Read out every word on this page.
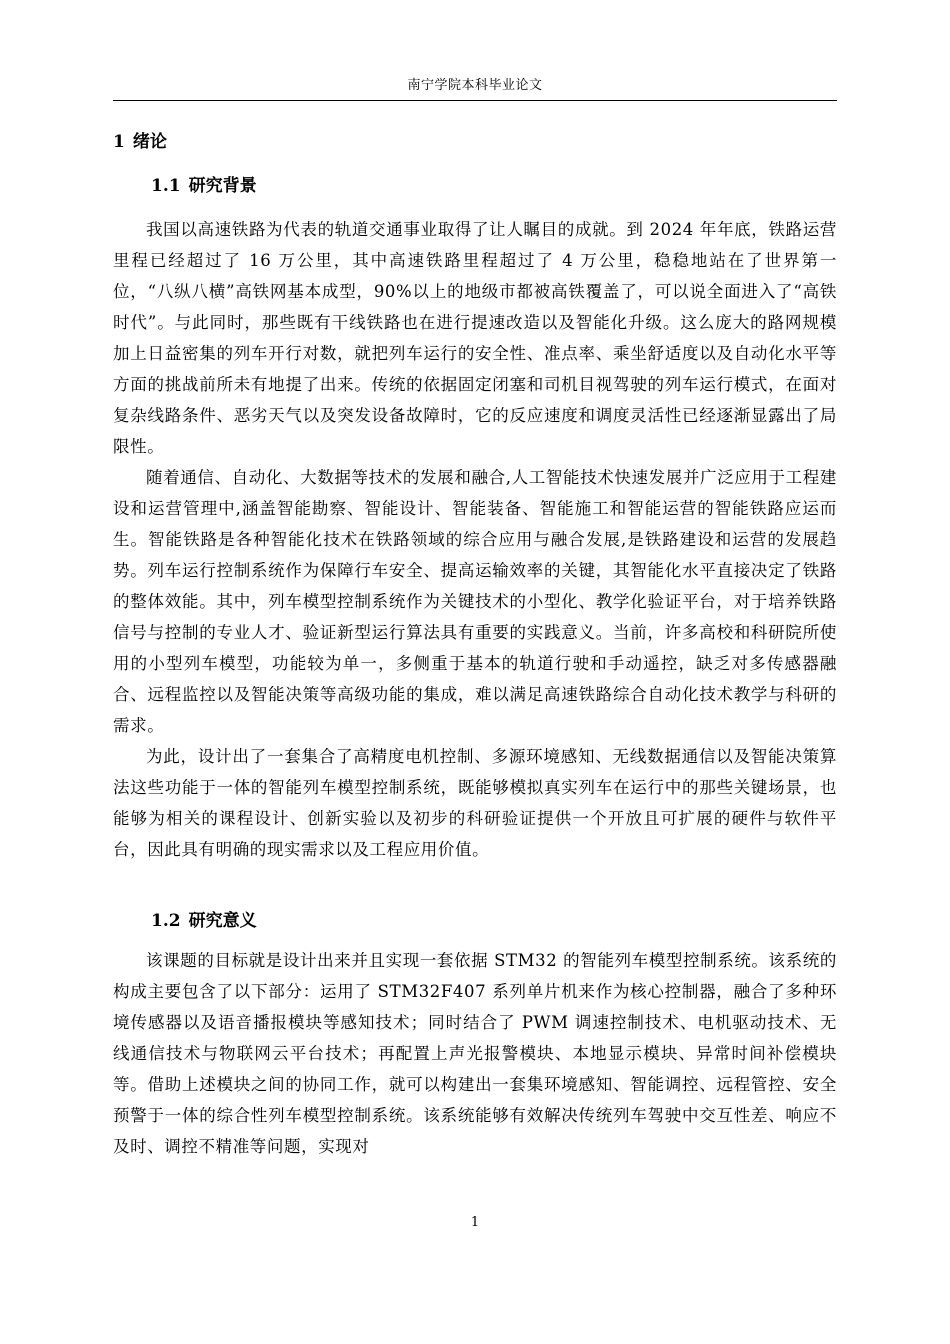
南宁学院本科毕业论文
1 绪论
1.1 研究背景

我国以高速铁路为代表的轨道交通事业取得了让人瞩目的成就。到 2024 年年底，铁路运营里程已经超过了 16 万公里，其中高速铁路里程超过了 4 万公里，稳稳地站在了世界第一位，“八纵八横”高铁网基本成型，90%以上的地级市都被高铁覆盖了，可以说全面进入了“高铁时代”。与此同时，那些既有干线铁路也在进行提速改造以及智能化升级。这么庞大的路网规模加上日益密集的列车开行对数，就把列车运行的安全性、准点率、乘坐舒适度以及自动化水平等方面的挑战前所未有地提了出来。传统的依据固定闭塞和司机目视驾驶的列车运行模式，在面对复杂线路条件、恶劣天气以及突发设备故障时，它的反应速度和调度灵活性已经逐渐显露出了局限性。

随着通信、自动化、大数据等技术的发展和融合,人工智能技术快速发展并广泛应用于工程建设和运营管理中,涵盖智能勘察、智能设计、智能装备、智能施工和智能运营的智能铁路应运而生。智能铁路是各种智能化技术在铁路领域的综合应用与融合发展,是铁路建设和运营的发展趋势。列车运行控制系统作为保障行车安全、提高运输效率的关键，其智能化水平直接决定了铁路的整体效能。其中，列车模型控制系统作为关键技术的小型化、教学化验证平台，对于培养铁路信号与控制的专业人才、验证新型运行算法具有重要的实践意义。当前，许多高校和科研院所使用的小型列车模型，功能较为单一，多侧重于基本的轨道行驶和手动遥控，缺乏对多传感器融合、远程监控以及智能决策等高级功能的集成，难以满足高速铁路综合自动化技术教学与科研的需求。

为此，设计出了一套集合了高精度电机控制、多源环境感知、无线数据通信以及智能决策算法这些功能于一体的智能列车模型控制系统，既能够模拟真实列车在运行中的那些关键场景，也能够为相关的课程设计、创新实验以及初步的科研验证提供一个开放且可扩展的硬件与软件平台，因此具有明确的现实需求以及工程应用价值。

1.2 研究意义

该课题的目标就是设计出来并且实现一套依据 STM32 的智能列车模型控制系统。该系统的构成主要包含了以下部分：运用了 STM32F407 系列单片机来作为核心控制器，融合了多种环境传感器以及语音播报模块等感知技术；同时结合了 PWM 调速控制技术、电机驱动技术、无线通信技术与物联网云平台技术；再配置上声光报警模块、本地显示模块、异常时间补偿模块等。借助上述模块之间的协同工作，就可以构建出一套集环境感知、智能调控、远程管控、安全预警于一体的综合性列车模型控制系统。该系统能够有效解决传统列车驾驶中交互性差、响应不及时、调控不精准等问题，实现对

1
